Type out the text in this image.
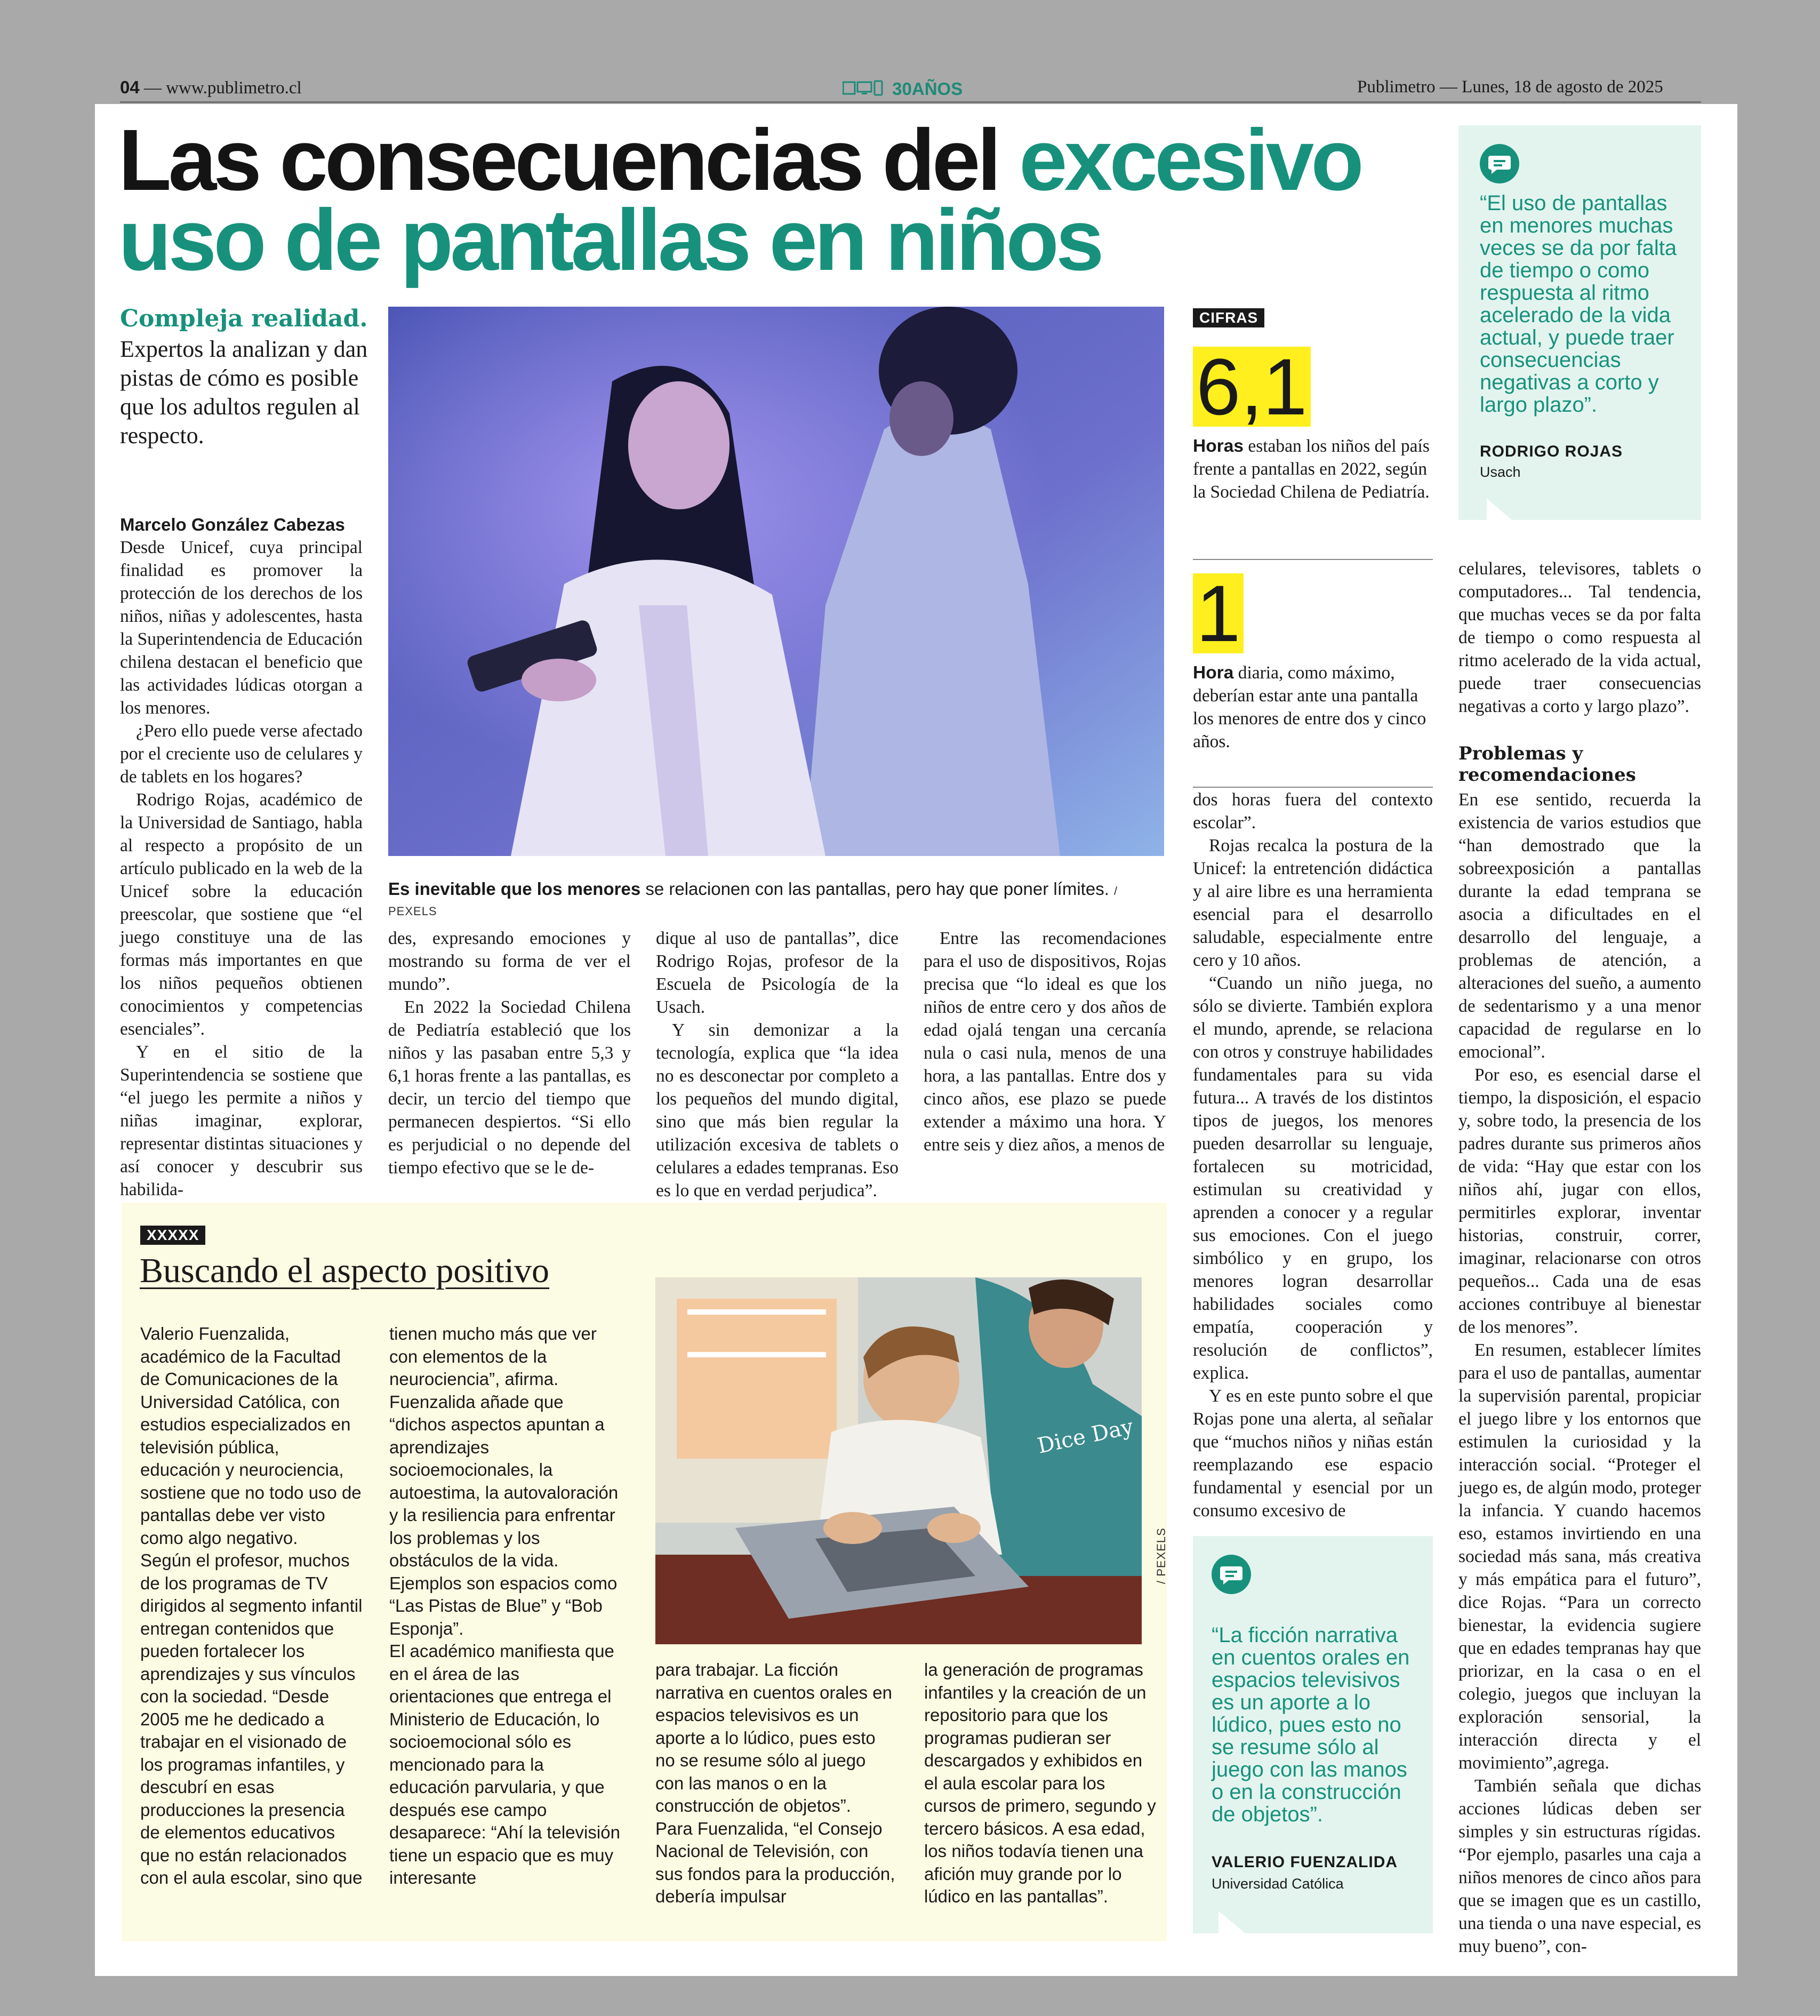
04 — www.publimetro.cl	30AÑOS	Publimetro — Lunes, 18 de agosto de 2025
Las consecuencias del excesivo
uso de pantallas en niños
Compleja realidad.

Expertos la analizan y dan pistas de cómo es posible que los adultos regulen al respecto.

Marcelo González Cabezas

Desde Unicef, cuya principal finalidad es promover la protección de los derechos de los niños, niñas y adolescentes, hasta la Superintendencia de Educación chilena destacan el beneficio que las actividades lúdicas otorgan a los menores.

¿Pero ello puede verse afectado por el creciente uso de celulares y de tablets en los hogares?

Rodrigo Rojas, académico de la Universidad de Santiago, habla al respecto a propósito de un artículo publicado en la web de la Unicef sobre la educación preescolar, que sostiene que “el juego constituye una de las formas más importantes en que los niños pequeños obtienen conocimientos y competencias esenciales”.

Y en el sitio de la Superintendencia se sostiene que “el juego les permite a niños y niñas imaginar, explorar, representar distintas situaciones y así conocer y descubrir sus habilida-

Es inevitable que los menores se relacionen con las pantallas, pero hay que poner límites. / PEXELS

des, expresando emociones y mostrando su forma de ver el mundo”.

En 2022 la Sociedad Chilena de Pediatría estableció que los niños y las pasaban entre 5,3 y 6,1 horas frente a las pantallas, es decir, un tercio del tiempo que permanecen despiertos. “Si ello es perjudicial o no depende del tiempo efectivo que se le de-

dique al uso de pantallas”, dice Rodrigo Rojas, profesor de la Escuela de Psicología de la Usach.

Y sin demonizar a la tecnología, explica que “la idea no es desconectar por completo a los pequeños del mundo digital, sino que más bien regular la utilización excesiva de tablets o celulares a edades tempranas. Eso es lo que en verdad perjudica”.

Entre las recomendaciones para el uso de dispositivos, Rojas precisa que “lo ideal es que los niños de entre cero y dos años de edad ojalá tengan una cercanía nula o casi nula, menos de una hora, a las pantallas. Entre dos y cinco años, ese plazo se puede extender a máximo una hora. Y entre seis y diez años, a menos de

CIFRAS
6,1
Horas estaban los niños del país frente a pantallas en 2022, según la Sociedad Chilena de Pediatría.
1
Hora diaria, como máximo, deberían estar ante una pantalla los menores de entre dos y cinco años.

dos horas fuera del contexto escolar”.

Rojas recalca la postura de la Unicef: la entretención didáctica y al aire libre es una herramienta esencial para el desarrollo saludable, especialmente entre cero y 10 años.

“Cuando un niño juega, no sólo se divierte. También explora el mundo, aprende, se relaciona con otros y construye habilidades fundamentales para su vida futura... A través de los distintos tipos de juegos, los menores pueden desarrollar su lenguaje, fortalecen su motricidad, estimulan su creatividad y aprenden a conocer y a regular sus emociones. Con el juego simbólico y en grupo, los menores logran desarrollar habilidades sociales como empatía, cooperación y resolución de conflictos”, explica.

Y es en este punto sobre el que Rojas pone una alerta, al señalar que “muchos niños y niñas están reemplazando ese espacio fundamental y esencial por un consumo excesivo de

“El uso de pantallas en menores muchas veces se da por falta de tiempo o como respuesta al ritmo acelerado de la vida actual, y puede traer consecuencias negativas a corto y largo plazo”.
RODRIGO ROJAS
Usach

celulares, televisores, tablets o computadores... Tal tendencia, que muchas veces se da por falta de tiempo o como respuesta al ritmo acelerado de la vida actual, puede traer consecuencias negativas a corto y largo plazo”.

Problemas y recomendaciones

En ese sentido, recuerda la existencia de varios estudios que “han demostrado que la sobreexposición a pantallas durante la edad temprana se asocia a dificultades en el desarrollo del lenguaje, a problemas de atención, a alteraciones del sueño, a aumento de sedentarismo y a una menor capacidad de regularse en lo emocional”.

Por eso, es esencial darse el tiempo, la disposición, el espacio y, sobre todo, la presencia de los padres durante sus primeros años de vida: “Hay que estar con los niños ahí, jugar con ellos, permitirles explorar, inventar historias, construir, correr, imaginar, relacionarse con otros pequeños... Cada una de esas acciones contribuye al bienestar de los menores”.

En resumen, establecer límites para el uso de pantallas, aumentar la supervisión parental, propiciar el juego libre y los entornos que estimulen la curiosidad y la interacción social. “Proteger el juego es, de algún modo, proteger la infancia. Y cuando hacemos eso, estamos invirtiendo en una sociedad más sana, más creativa y más empática para el futuro”, dice Rojas. “Para un correcto bienestar, la evidencia sugiere que en edades tempranas hay que priorizar, en la casa o en el colegio, juegos que incluyan la exploración sensorial, la interacción directa y el movimiento”,agrega.

También señala que dichas acciones lúdicas deben ser simples y sin estructuras rígidas. “Por ejemplo, pasarles una caja a niños menores de cinco años para que se imagen que es un castillo, una tienda o una nave especial, es muy bueno”, con-

“La ficción narrativa en cuentos orales en espacios televisivos es un aporte a lo lúdico, pues esto no se resume sólo al juego con las manos o en la construcción de objetos”.
VALERIO FUENZALIDA
Universidad Católica
XXXXX
Buscando el aspecto positivo

Valerio Fuenzalida, académico de la Facultad de Comunicaciones de la Universidad Católica, con estudios especializados en televisión pública, educación y neurociencia, sostiene que no todo uso de pantallas debe ver visto como algo negativo.

Según el profesor, muchos de los programas de TV dirigidos al segmento infantil entregan contenidos que pueden fortalecer los aprendizajes y sus vínculos con la sociedad. “Desde 2005 me he dedicado a trabajar en el visionado de los programas infantiles, y descubrí en esas producciones la presencia de elementos educativos que no están relacionados con el aula escolar, sino que

tienen mucho más que ver con elementos de la neurociencia”, afirma.

Fuenzalida añade que “dichos aspectos apuntan a aprendizajes socioemocionales, la autoestima, la autovaloración y la resiliencia para enfrentar los problemas y los obstáculos de la vida. Ejemplos son espacios como “Las Pistas de Blue” y “Bob Esponja”.

El académico manifiesta que en el área de las orientaciones que entrega el Ministerio de Educación, lo socioemocional sólo es mencionado para la educación parvularia, y que después ese campo desaparece: “Ahí la televisión tiene un espacio que es muy interesante

Dice Day
/ PEXELS

para trabajar. La ficción narrativa en cuentos orales en espacios televisivos es un aporte a lo lúdico, pues esto no se resume sólo al juego con las manos o en la construcción de objetos”.

Para Fuenzalida, “el Consejo Nacional de Televisión, con sus fondos para la producción, debería impulsar

la generación de programas infantiles y la creación de un repositorio para que los programas pudieran ser descargados y exhibidos en el aula escolar para los cursos de primero, segundo y tercero básicos. A esa edad, los niños todavía tienen una afición muy grande por lo lúdico en las pantallas”.
